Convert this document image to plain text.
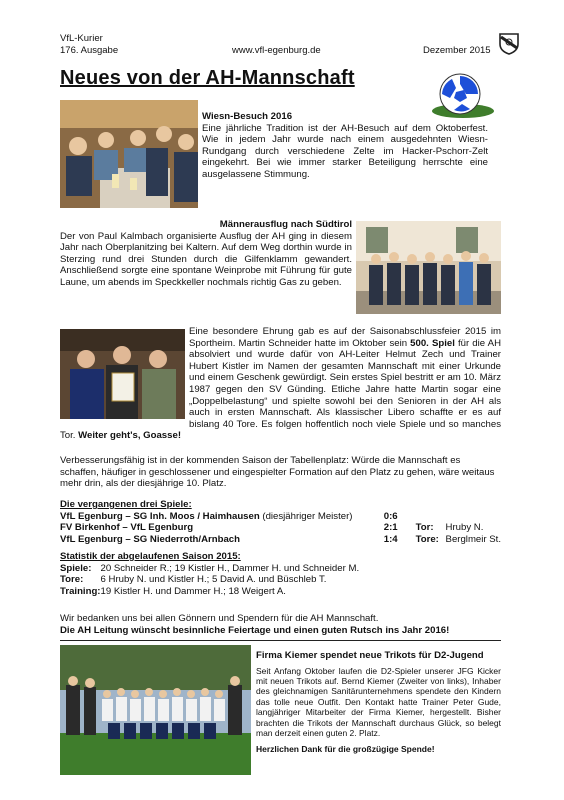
VfL-Kurier
176. Ausgabe	www.vfl-egenburg.de	Dezember 2015
Neues von der AH-Mannschaft
Wiesn-Besuch 2016
Eine jährliche Tradition ist der AH-Besuch auf dem Oktoberfest. Wie in jedem Jahr wurde nach einem ausgedehnten Wiesn-Rundgang durch verschiedene Zelte im Hacker-Pschorr-Zelt eingekehrt. Bei wie immer starker Beteiligung herrschte eine ausgelassene Stimmung.
Männerausflug nach Südtirol
Der von Paul Kalmbach organisierte Ausflug der AH ging in diesem Jahr nach Oberplanitzing bei Kaltern. Auf dem Weg dorthin wurde in Sterzing rund drei Stunden durch die Gilfenklamm gewandert. Anschließend sorgte eine spontane Weinprobe mit Führung für gute Laune, um abends im Speckkeller nochmals richtig Gas zu geben.
Eine besondere Ehrung gab es auf der Saisonabschlussfeier 2015 im Sportheim. Martin Schneider hatte im Oktober sein 500. Spiel für die AH absolviert und wurde dafür von AH-Leiter Helmut Zech und Trainer Hubert Kistler im Namen der gesamten Mannschaft mit einer Urkunde und einem Geschenk gewürdigt. Sein erstes Spiel bestritt er am 10. März 1987 gegen den SV Günding. Etliche Jahre hatte Martin sogar eine „Doppelbelastung“ und spielte sowohl bei den Senioren in der AH als auch in ersten Mannschaft. Als klassischer Libero schaffte er es auf bislang 40 Tore. Es folgen hoffentlich noch viele Spiele und so manches Tor. Weiter geht's, Goasse!
Verbesserungsfähig ist in der kommenden Saison der Tabellenplatz: Würde die Mannschaft es schaffen, häufiger in geschlossener und eingespielter Formation auf den Platz zu gehen, wäre weitaus mehr drin, als der diesjährige 10. Platz.
Die vergangenen drei Spiele:
VfL Egenburg – SG Inh. Moos / Haimhausen (diesjähriger Meister)	0:6		
FV Birkenhof – VfL Egenburg	2:1	Tor:	Hruby N.
VfL Egenburg – SG Niederroth/Arnbach	1:4	Tore:	Berglmeir St.
Statistik der abgelaufenen Saison 2015:
Spiele:	20 Schneider R.; 19 Kistler H., Dammer H. und Schneider M.
Tore:	6 Hruby N. und Kistler H.; 5 David A. und Büschleb T.
Training:	19 Kistler H. und Dammer H.; 18 Weigert A.
Wir bedanken uns bei allen Gönnern und Spendern für die AH Mannschaft.
Die AH Leitung wünscht besinnliche Feiertage und einen guten Rutsch ins Jahr 2016!
Firma Kiemer spendet neue Trikots für D2-Jugend
Seit Anfang Oktober laufen die D2-Spieler unserer JFG Kicker mit neuen Trikots auf. Bernd Kiemer (Zweiter von links), Inhaber des gleichnamigen Sanitärunternehmens spendete den Kindern das tolle neue Outfit. Den Kontakt hatte Trainer Peter Gude, langjähriger Mitarbeiter der Firma Kiemer, hergestellt. Bisher brachten die Trikots der Mannschaft durchaus Glück, so belegt man derzeit einen guten 2. Platz.
Herzlichen Dank für die großzügige Spende!
